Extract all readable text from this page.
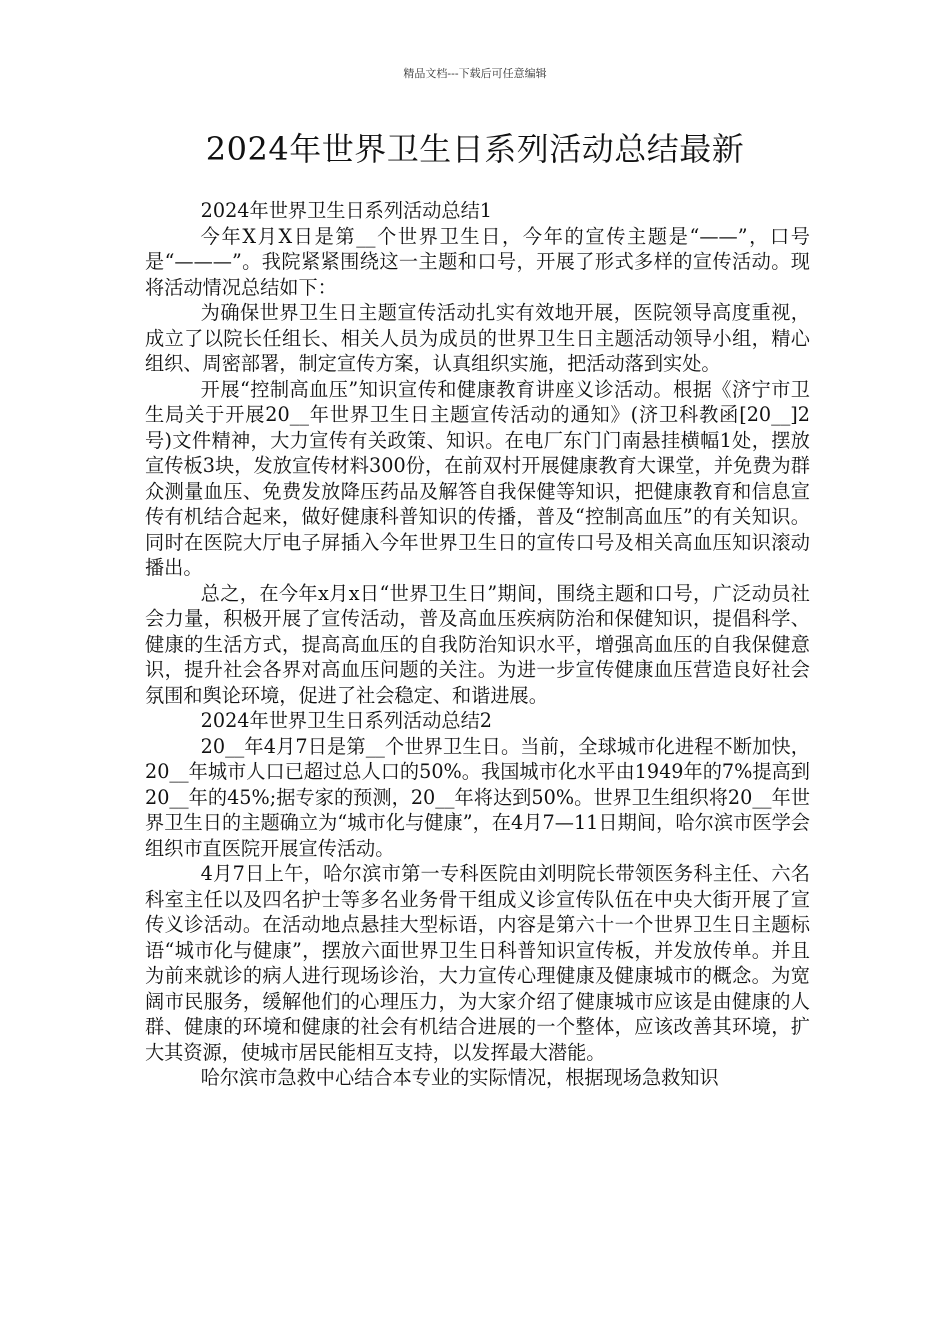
精品文档---下载后可任意编辑
2024年世界卫生日系列活动总结最新

2024年世界卫生日系列活动总结1

今年X月X日是第__个世界卫生日，今年的宣传主题是“——”，口号是“———”。我院紧紧围绕这一主题和口号，开展了形式多样的宣传活动。现将活动情况总结如下：

为确保世界卫生日主题宣传活动扎实有效地开展，医院领导高度重视，成立了以院长任组长、相关人员为成员的世界卫生日主题活动领导小组，精心组织、周密部署，制定宣传方案，认真组织实施，把活动落到实处。

开展“控制高血压”知识宣传和健康教育讲座义诊活动。根据《济宁市卫生局关于开展20__年世界卫生日主题宣传活动的通知》(济卫科教函[20__]2号)文件精神，大力宣传有关政策、知识。在电厂东门门南悬挂横幅1处，摆放宣传板3块，发放宣传材料300份，在前双村开展健康教育大课堂，并免费为群众测量血压、免费发放降压药品及解答自我保健等知识，把健康教育和信息宣传有机结合起来，做好健康科普知识的传播，普及“控制高血压”的有关知识。同时在医院大厅电子屏插入今年世界卫生日的宣传口号及相关高血压知识滚动播出。

总之，在今年x月x日“世界卫生日”期间，围绕主题和口号，广泛动员社会力量，积极开展了宣传活动，普及高血压疾病防治和保健知识，提倡科学、健康的生活方式，提高高血压的自我防治知识水平，增强高血压的自我保健意识，提升社会各界对高血压问题的关注。为进一步宣传健康血压营造良好社会氛围和舆论环境，促进了社会稳定、和谐进展。

2024年世界卫生日系列活动总结2

20__年4月7日是第__个世界卫生日。当前，全球城市化进程不断加快，20__年城市人口已超过总人口的50%。我国城市化水平由1949年的7%提高到20__年的45%;据专家的预测，20__年将达到50%。世界卫生组织将20__年世界卫生日的主题确立为“城市化与健康”，在4月7—11日期间，哈尔滨市医学会组织市直医院开展宣传活动。

4月7日上午，哈尔滨市第一专科医院由刘明院长带领医务科主任、六名科室主任以及四名护士等多名业务骨干组成义诊宣传队伍在中央大街开展了宣传义诊活动。在活动地点悬挂大型标语，内容是第六十一个世界卫生日主题标语“城市化与健康”，摆放六面世界卫生日科普知识宣传板，并发放传单。并且为前来就诊的病人进行现场诊治，大力宣传心理健康及健康城市的概念。为宽阔市民服务，缓解他们的心理压力，为大家介绍了健康城市应该是由健康的人群、健康的环境和健康的社会有机结合进展的一个整体，应该改善其环境，扩大其资源，使城市居民能相互支持，以发挥最大潜能。

哈尔滨市急救中心结合本专业的实际情况，根据现场急救知识
